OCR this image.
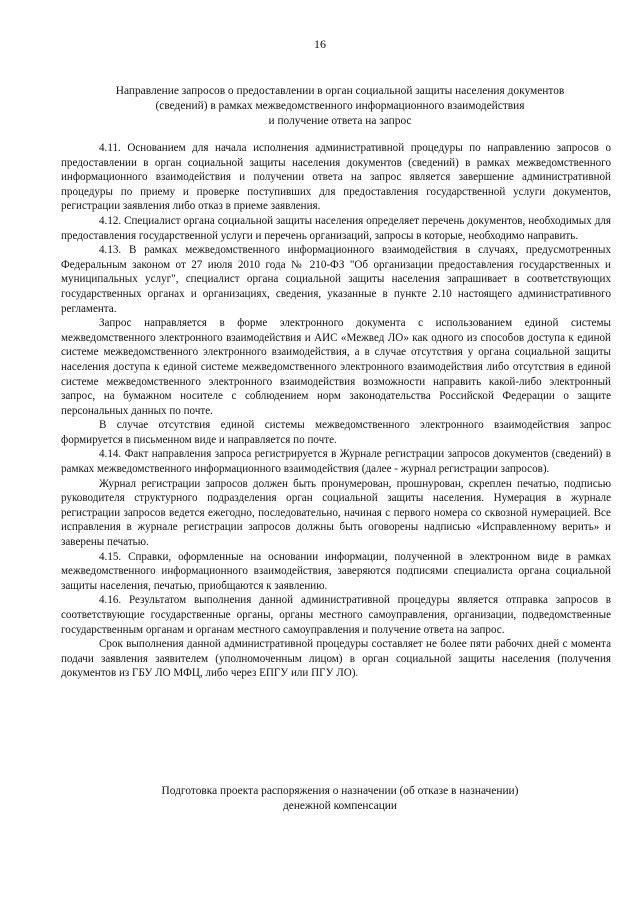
16
Направление запросов о предоставлении в орган социальной защиты населения документов
(сведений) в рамках межведомственного информационного взаимодействия
и получение ответа на запрос

4.11. Основанием для начала исполнения административной процедуры по направлению запросов о предоставлении в орган социальной защиты населения документов (сведений) в рамках межведомственного информационного взаимодействия и получении ответа на запрос является завершение административной процедуры по приему и проверке поступивших для предоставления государственной услуги документов, регистрации заявления либо отказ в приеме заявления.

4.12. Специалист органа социальной защиты населения определяет перечень документов, необходимых для предоставления государственной услуги и перечень организаций, запросы в которые, необходимо направить.

4.13. В рамках межведомственного информационного взаимодействия в случаях, предусмотренных Федеральным законом от 27 июля 2010 года № 210-ФЗ "Об организации предоставления государственных и муниципальных услуг", специалист органа социальной защиты населения запрашивает в соответствующих государственных органах и организациях, сведения, указанные в пункте 2.10 настоящего административного регламента.

Запрос направляется в форме электронного документа с использованием единой системы межведомственного электронного взаимодействия и АИС «Межвед ЛО» как одного из способов доступа к единой системе межведомственного электронного взаимодействия, а в случае отсутствия у органа социальной защиты населения доступа к единой системе межведомственного электронного взаимодействия либо отсутствия в единой системе межведомственного электронного взаимодействия возможности направить какой-либо электронный запрос, на бумажном носителе с соблюдением норм законодательства Российской Федерации о защите персональных данных по почте.

В случае отсутствия единой системы межведомственного электронного взаимодействия запрос формируется в письменном виде и направляется по почте.

4.14. Факт направления запроса регистрируется в Журнале регистрации запросов документов (сведений) в рамках межведомственного информационного взаимодействия (далее - журнал регистрации запросов).

Журнал регистрации запросов должен быть пронумерован, прошнурован, скреплен печатью, подписью руководителя структурного подразделения орган социальной защиты населения. Нумерация в журнале регистрации запросов ведется ежегодно, последовательно, начиная с первого номера со сквозной нумерацией. Все исправления в журнале регистрации запросов должны быть оговорены надписью «Исправленному верить» и заверены печатью.

4.15. Справки, оформленные на основании информации, полученной в электронном виде в рамках межведомственного информационного взаимодействия, заверяются подписями специалиста органа социальной защиты населения, печатью, приобщаются к заявлению.

4.16. Результатом выполнения данной административной процедуры является отправка запросов в соответствующие государственные органы, органы местного самоуправления, организации, подведомственные государственным органам и органам местного самоуправления и получение ответа на запрос.

Срок выполнения данной административной процедуры составляет не более пяти рабочих дней с момента подачи заявления заявителем (уполномоченным лицом) в орган социальной защиты населения (получения документов из ГБУ ЛО МФЦ, либо через ЕПГУ или ПГУ ЛО).

Подготовка проекта распоряжения о назначении (об отказе в назначении)
денежной компенсации
